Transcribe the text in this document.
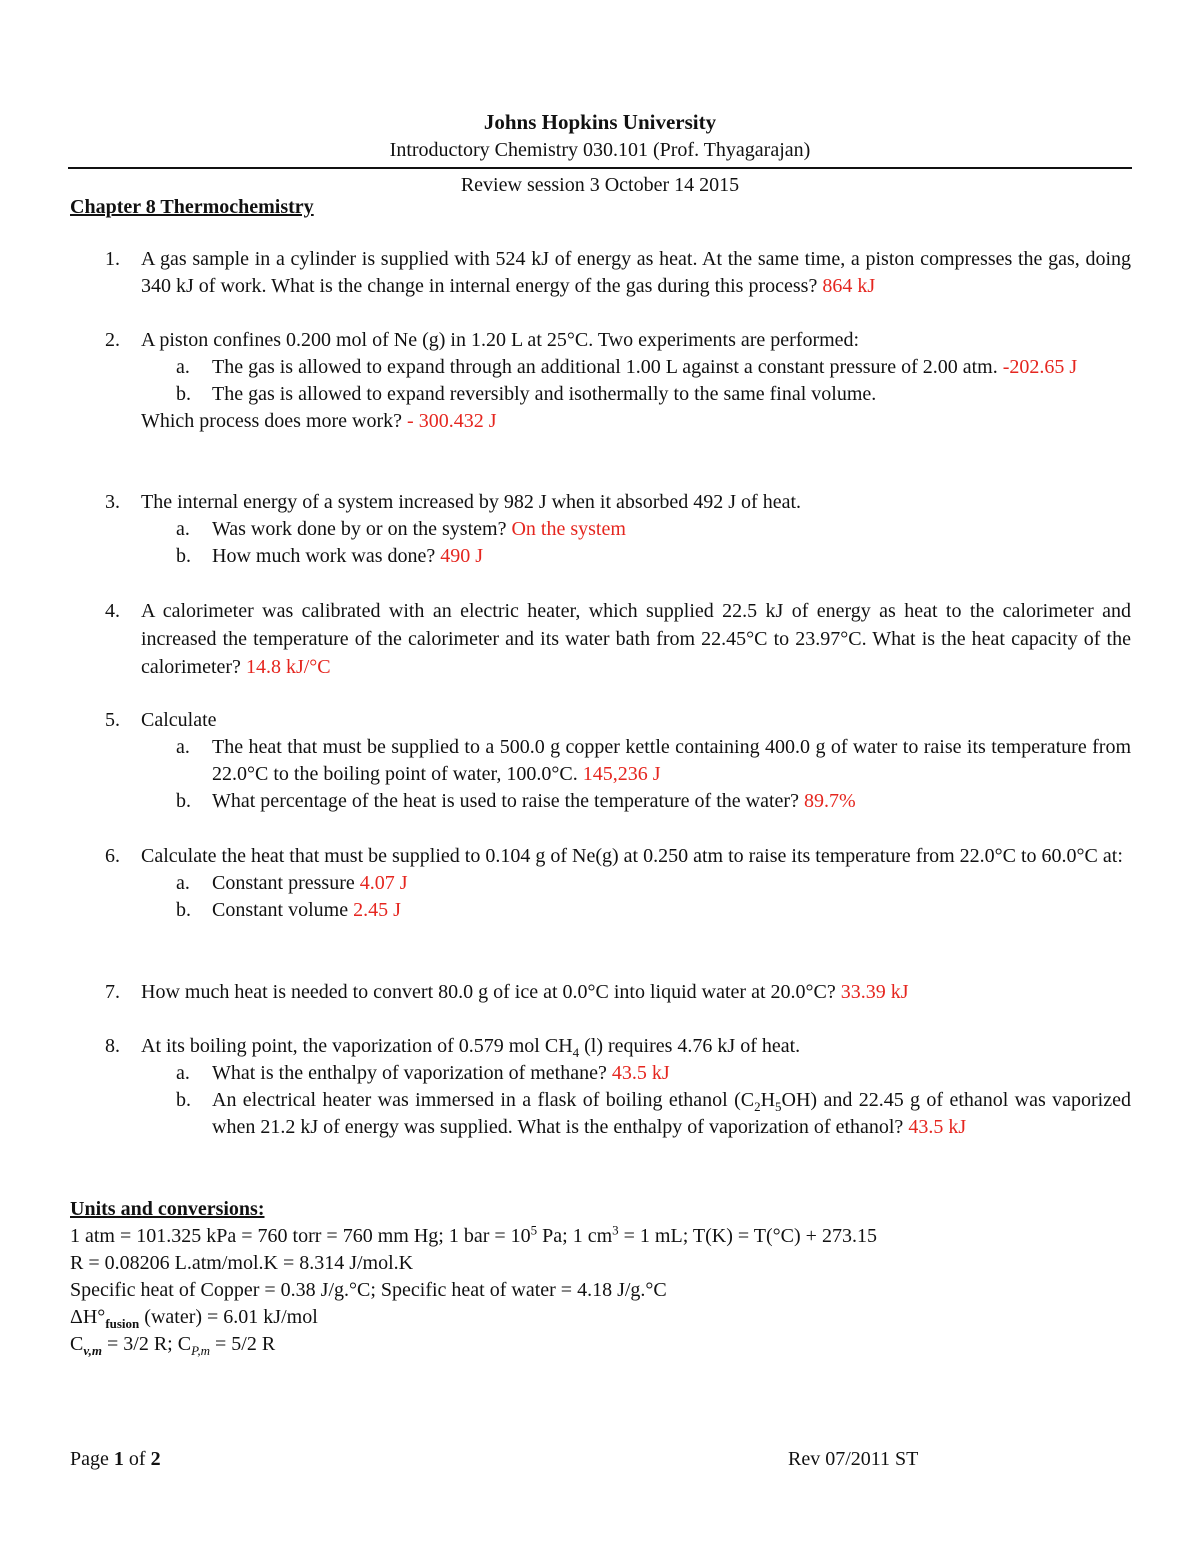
Johns Hopkins University
Introductory Chemistry 030.101 (Prof. Thyagarajan)
Review session 3 October 14 2015
Chapter 8 Thermochemistry
1.	A gas sample in a cylinder is supplied with 524 kJ of energy as heat. At the same time, a piston compresses the gas, doing 340 kJ of work. What is the change in internal energy of the gas during this process? 864 kJ
2.	A piston confines 0.200 mol of Ne (g) in 1.20 L at 25°C. Two experiments are performed:
a. The gas is allowed to expand through an additional 1.00 L against a constant pressure of 2.00 atm. -202.65 J
b. The gas is allowed to expand reversibly and isothermally to the same final volume.
Which process does more work? - 300.432 J
3.	The internal energy of a system increased by 982 J when it absorbed 492 J of heat.
a. Was work done by or on the system? On the system
b. How much work was done? 490 J
4.	A calorimeter was calibrated with an electric heater, which supplied 22.5 kJ of energy as heat to the calorimeter and increased the temperature of the calorimeter and its water bath from 22.45°C to 23.97°C. What is the heat capacity of the calorimeter? 14.8 kJ/°C
5.	Calculate
a. The heat that must be supplied to a 500.0 g copper kettle containing 400.0 g of water to raise its temperature from 22.0°C to the boiling point of water, 100.0°C. 145,236 J
b. What percentage of the heat is used to raise the temperature of the water? 89.7%
6.	Calculate the heat that must be supplied to 0.104 g of Ne(g) at 0.250 atm to raise its temperature from 22.0°C to 60.0°C at:
a. Constant pressure 4.07 J
b. Constant volume 2.45 J
7.	How much heat is needed to convert 80.0 g of ice at 0.0°C into liquid water at 20.0°C? 33.39 kJ
8.	At its boiling point, the vaporization of 0.579 mol $CH_4$ (l) requires 4.76 kJ of heat.
a. What is the enthalpy of vaporization of methane? 43.5 kJ
b. An electrical heater was immersed in a flask of boiling ethanol $(C_2H_5OH)$ and 22.45 g of ethanol was vaporized when 21.2 kJ of energy was supplied. What is the enthalpy of vaporization of ethanol? 43.5 kJ
Units and conversions:
1 atm = 101.325 kPa = 760 torr = 760 mm Hg; 1 bar = $10^5$ Pa; 1 $cm^3 = 1$ mL; T(K) = T(°C) + 273.15
R = 0.08206 L.atm/mol.K = 8.314 J/mol.K
Specific heat of Copper = 0.38 J/g.°C; Specific heat of water = 4.18 J/g.°C
$\Delta H^\circ_{fusion}$ (water) = 6.01 kJ/mol
$C_{v,m} = 3/2$ R; $C_{P,m} = 5/2$ R
Page 1 of 2	Rev 07/2011 ST
